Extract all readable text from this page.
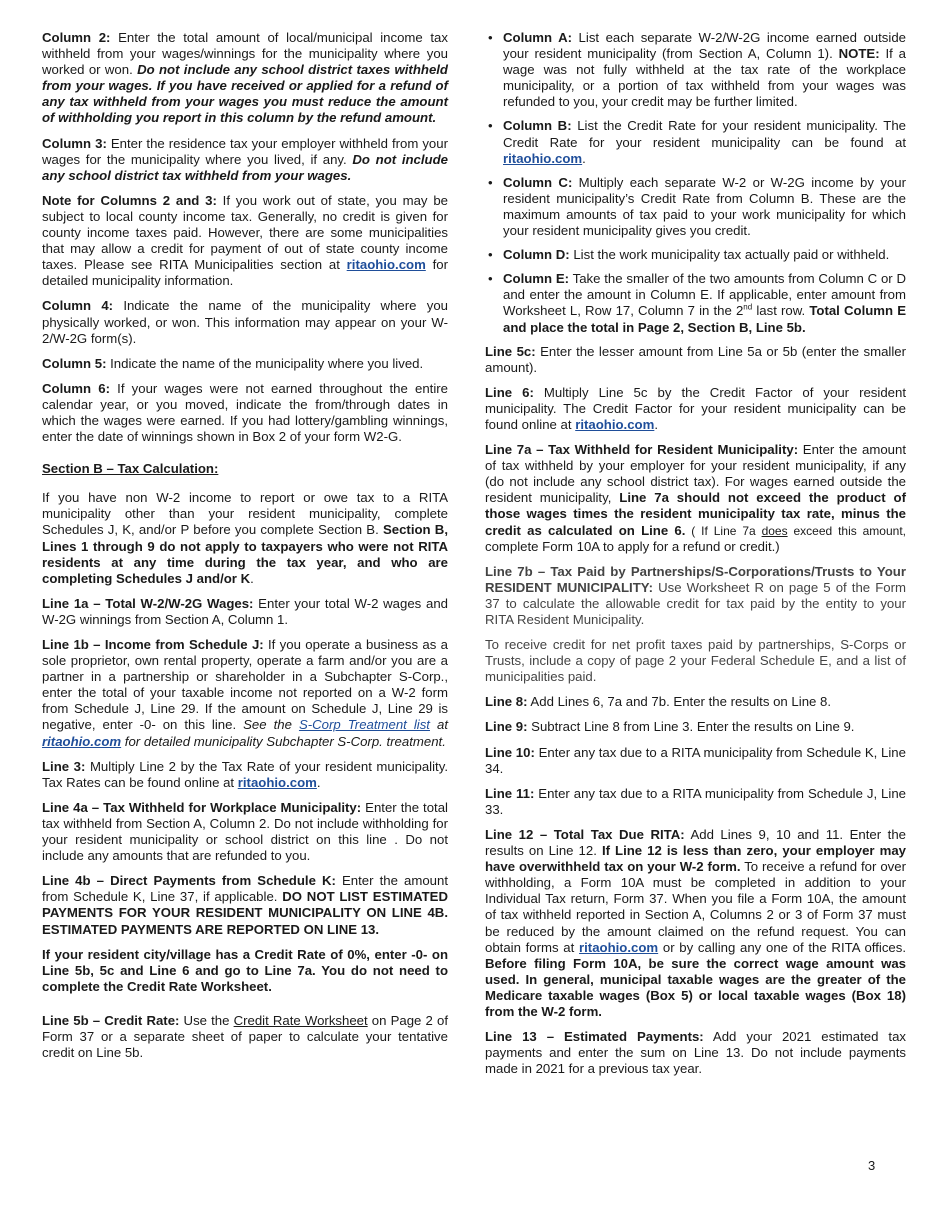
Column 2: Enter the total amount of local/municipal income tax withheld from your wages/winnings for the municipality where you worked or won. Do not include any school district taxes withheld from your wages. If you have received or applied for a refund of any tax withheld from your wages you must reduce the amount of withholding you report in this column by the refund amount.

Column 3: Enter the residence tax your employer withheld from your wages for the municipality where you lived, if any. Do not include any school district tax withheld from your wages.

Note for Columns 2 and 3: If you work out of state, you may be subject to local county income tax. Generally, no credit is given for county income taxes paid. However, there are some municipalities that may allow a credit for payment of out of state county income taxes. Please see RITA Municipalities section at ritaohio.com for detailed municipality information.

Column 4: Indicate the name of the municipality where you physically worked, or won. This information may appear on your W-2/W-2G form(s).

Column 5: Indicate the name of the municipality where you lived.

Column 6: If your wages were not earned throughout the entire calendar year, or you moved, indicate the from/through dates in which the wages were earned. If you had lottery/gambling winnings, enter the date of winnings shown in Box 2 of your form W2-G.

Section B – Tax Calculation:

If you have non W-2 income to report or owe tax to a RITA municipality other than your resident municipality, complete Schedules J, K, and/or P before you complete Section B. Section B, Lines 1 through 9 do not apply to taxpayers who were not RITA residents at any time during the tax year, and who are completing Schedules J and/or K.

Line 1a – Total W-2/W-2G Wages: Enter your total W-2 wages and W-2G winnings from Section A, Column 1.

Line 1b – Income from Schedule J: If you operate a business as a sole proprietor, own rental property, operate a farm and/or you are a partner in a partnership or shareholder in a Subchapter S-Corp., enter the total of your taxable income not reported on a W-2 form from Schedule J, Line 29. If the amount on Schedule J, Line 29 is negative, enter -0- on this line. See the S-Corp Treatment list at ritaohio.com for detailed municipality Subchapter S-Corp. treatment.

Line 3: Multiply Line 2 by the Tax Rate of your resident municipality. Tax Rates can be found online at ritaohio.com.

Line 4a – Tax Withheld for Workplace Municipality: Enter the total tax withheld from Section A, Column 2. Do not include withholding for your resident municipality or school district on this line . Do not include any amounts that are refunded to you.

Line 4b – Direct Payments from Schedule K: Enter the amount from Schedule K, Line 37, if applicable. DO NOT LIST ESTIMATED PAYMENTS FOR YOUR RESIDENT MUNICIPALITY ON LINE 4B. ESTIMATED PAYMENTS ARE REPORTED ON LINE 13.

If your resident city/village has a Credit Rate of 0%, enter -0- on Line 5b, 5c and Line 6 and go to Line 7a. You do not need to complete the Credit Rate Worksheet.

Line 5b – Credit Rate: Use the Credit Rate Worksheet on Page 2 of Form 37 or a separate sheet of paper to calculate your tentative credit on Line 5b.

• Column A: List each separate W-2/W-2G income earned outside your resident municipality (from Section A, Column 1). NOTE: If a wage was not fully withheld at the tax rate of the workplace municipality, or a portion of tax withheld from your wages was refunded to you, your credit may be further limited.
• Column B: List the Credit Rate for your resident municipality. The Credit Rate for your resident municipality can be found at ritaohio.com.
• Column C: Multiply each separate W-2 or W-2G income by your resident municipality’s Credit Rate from Column B. These are the maximum amounts of tax paid to your work municipality for which your resident municipality gives you credit.
• Column D: List the work municipality tax actually paid or withheld.
• Column E: Take the smaller of the two amounts from Column C or D and enter the amount in Column E. If applicable, enter amount from Worksheet L, Row 17, Column 7 in the 2nd last row. Total Column E and place the total in Page 2, Section B, Line 5b.

Line 5c: Enter the lesser amount from Line 5a or 5b (enter the smaller amount).

Line 6: Multiply Line 5c by the Credit Factor of your resident municipality. The Credit Factor for your resident municipality can be found online at ritaohio.com.

Line 7a – Tax Withheld for Resident Municipality: Enter the amount of tax withheld by your employer for your resident municipality, if any (do not include any school district tax). For wages earned outside the resident municipality, Line 7a should not exceed the product of those wages times the resident municipality tax rate, minus the credit as calculated on Line 6. ( If Line 7a does exceed this amount, complete Form 10A to apply for a refund or credit.)

Line 7b – Tax Paid by Partnerships/S-Corporations/Trusts to Your RESIDENT MUNICIPALITY: Use Worksheet R on page 5 of the Form 37 to calculate the allowable credit for tax paid by the entity to your RITA Resident Municipality.

To receive credit for net profit taxes paid by partnerships, S-Corps or Trusts, include a copy of page 2 your Federal Schedule E, and a list of municipalities paid.

Line 8: Add Lines 6, 7a and 7b. Enter the results on Line 8.

Line 9: Subtract Line 8 from Line 3. Enter the results on Line 9.

Line 10: Enter any tax due to a RITA municipality from Schedule K, Line 34.

Line 11: Enter any tax due to a RITA municipality from Schedule J, Line 33.

Line 12 – Total Tax Due RITA: Add Lines 9, 10 and 11. Enter the results on Line 12. If Line 12 is less than zero, your employer may have overwithheld tax on your W-2 form. To receive a refund for over withholding, a Form 10A must be completed in addition to your Individual Tax return, Form 37. When you file a Form 10A, the amount of tax withheld reported in Section A, Columns 2 or 3 of Form 37 must be reduced by the amount claimed on the refund request. You can obtain forms at ritaohio.com or by calling any one of the RITA offices. Before filing Form 10A, be sure the correct wage amount was used. In general, municipal taxable wages are the greater of the Medicare taxable wages (Box 5) or local taxable wages (Box 18) from the W-2 form.

Line 13 – Estimated Payments: Add your 2021 estimated tax payments and enter the sum on Line 13. Do not include payments made in 2021 for a previous tax year.

3
